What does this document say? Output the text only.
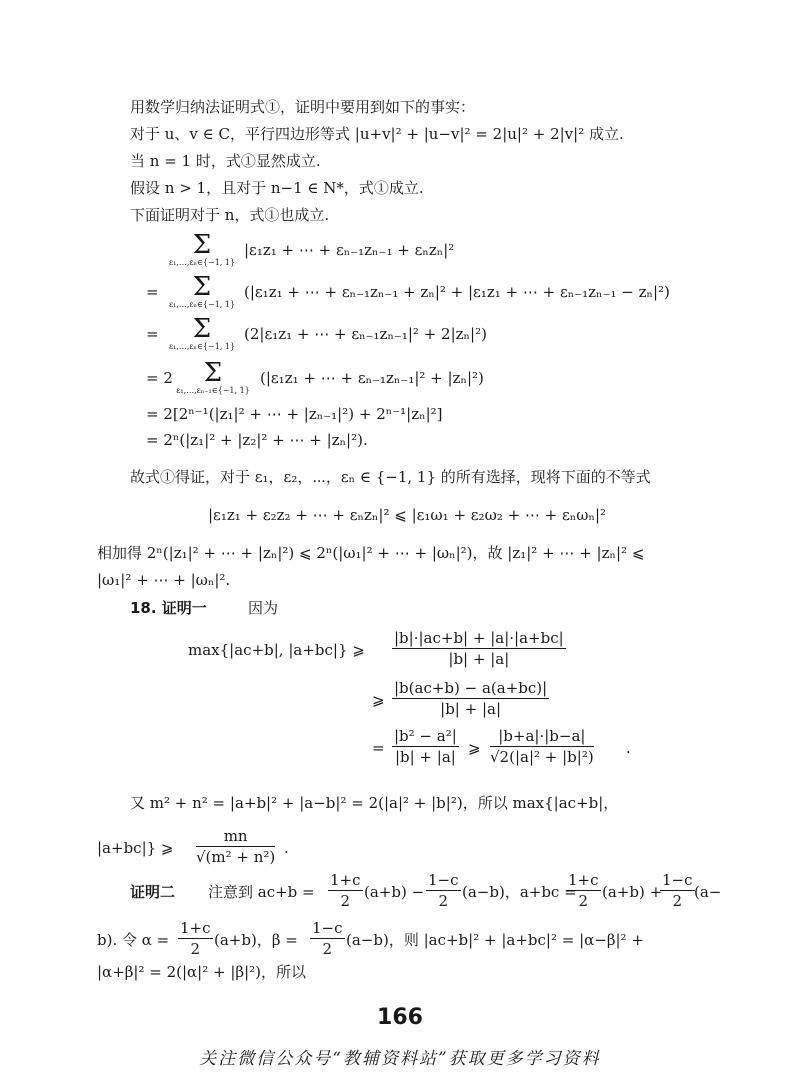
用数学归纳法证明式①，证明中要用到如下的事实：
对于 u、v ∈ C，平行四边形等式 |u+v|² + |u−v|² = 2|u|² + 2|v|² 成立.
当 n = 1 时，式①显然成立.
假设 n > 1，且对于 n−1 ∈ N*，式①成立.
下面证明对于 n，式①也成立.
Σ
ε₁,…,εₙ∈{−1, 1}
|ε₁z₁ + ⋯ + εₙ₋₁zₙ₋₁ + εₙzₙ|²
=	Σ
ε₁,…,εₙ∈{−1, 1}
(|ε₁z₁ + ⋯ + εₙ₋₁zₙ₋₁ + zₙ|² + |ε₁z₁ + ⋯ + εₙ₋₁zₙ₋₁ − zₙ|²)
=	Σ
ε₁,…,εₙ∈{−1, 1}
(2|ε₁z₁ + ⋯ + εₙ₋₁zₙ₋₁|² + 2|zₙ|²)
= 2	Σ
ε₁,…,εₙ₋₁∈{−1, 1}
(|ε₁z₁ + ⋯ + εₙ₋₁zₙ₋₁|² + |zₙ|²)
= 2[2ⁿ⁻¹(|z₁|² + ⋯ + |zₙ₋₁|²) + 2ⁿ⁻¹|zₙ|²]
= 2ⁿ(|z₁|² + |z₂|² + ⋯ + |zₙ|²).
故式①得证，对于 ε₁，ε₂，⋯，εₙ ∈ {−1, 1} 的所有选择，现将下面的不等式
|ε₁z₁ + ε₂z₂ + ⋯ + εₙzₙ|² ⩽ |ε₁ω₁ + ε₂ω₂ + ⋯ + εₙωₙ|²
相加得 2ⁿ(|z₁|² + ⋯ + |zₙ|²) ⩽ 2ⁿ(|ω₁|² + ⋯ + |ωₙ|²)，故 |z₁|² + ⋯ + |zₙ|² ⩽
|ω₁|² + ⋯ + |ωₙ|².
18. 证明一	因为
max{|ac+b|, |a+bc|} ⩾ $\frac{|b|\cdot|ac+b| + |a|\cdot|a+bc|}{|b| + |a|}$
⩾ $\frac{|b(ac+b) - a(a+bc)|}{|b| + |a|}$
= $\frac{\text{|b² − a²|}}{|b| + |a|}$ ⩾ $\frac{|b+a|\cdot|b-a|}{\text{√2(|a|² + |b|²)}}$ .
又 m² + n² = |a+b|² + |a−b|² = 2(|a|² + |b|²)，所以 max{|ac+b|，
|a+bc|} ⩾ $\frac{mn}{\text{√(m² + n²)}}$ .
证明二 注意到 $ac+b = \frac{1+c}{2} (a+b) - \frac{1-c}{2} (a-b)$，a+bc =
$\frac{1+c}{2} (a+b)$ +
$\frac{1-c}{2} (a-$
b). 令 $\alpha = \frac{1+c}{2} (a+b)$，$\beta = \frac{1-c}{2} (a-b)$，则 |ac+b|² + |a+bc|² = |α−β|² +
|α+β|² = 2(|α|² + |β|²)，所以
166
关注微信公众号“教辅资料站”获取更多学习资料
